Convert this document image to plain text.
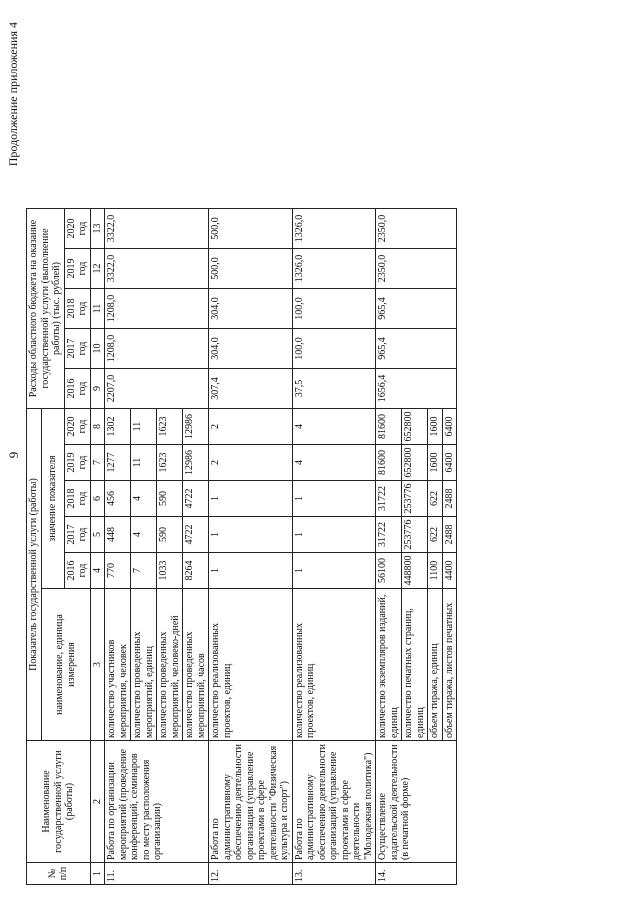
9
Продолжение приложения 4
№ п/п	Наименование государственной услуги (работы)	Показатель государственной услуги (работы)						Расходы областного бюджета на оказание государственной услуги (выполнение работы) (тыс. рублей)				
		наименование, единица измерения	значение показателя									
			2016 год	2017 год	2018 год	2019 год	2020 год	2016 год	2017 год	2018 год	2019 год	2020 год
1	2	3	4	5	6	7	8	9	10	11	12	13
11.	Работа по организации мероприятий (проведение конференций, семинаров по месту расположения организации)	количество участников мероприятия, человек	770	448	456	1277	1302	2207,0	1208,0	1208,0	3322,0	3322,0
		количество проведенных мероприятий, единиц	7	4	4	11	11					
		количество проведенных мероприятий, человеко-дней	1033	590	590	1623	1623					
		количество проведенных мероприятий, часов	8264	4722	4722	12986	12986					
12.	Работа по административному обеспечению деятельности организации (управление проектами в сфере деятельности "Физическая культура и спорт")	количество реализованных проектов, единиц	1	1	1	2	2	307,4	304,0	304,0	500,0	500,0
13.	Работа по административному обеспечению деятельности организаций (управление проектами в сфере деятельности "Молодежная политика")	количество реализованных проектов, единиц	1	1	1	4	4	37,5	100,0	100,0	1326,0	1326,0
14.	Осуществление издательской деятельности (в печатной форме)	количество экземпляров изданий, единиц	56100	31722	31722	81600	81600	1656,4	965,4	965,4	2350,0	2350,0
		количество печатных страниц, единиц	448800	253776	253776	652800	652800					
		объем тиража, единиц	1100	622	622	1600	1600					
		объем тиража, листов печатных	4400	2488	2488	6400	6400					
